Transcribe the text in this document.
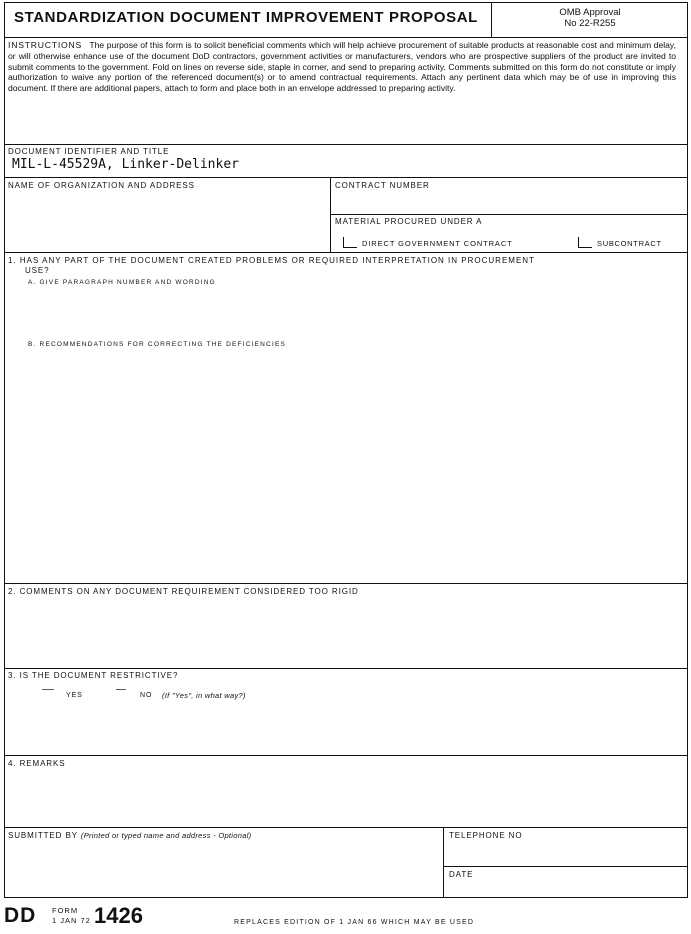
STANDARDIZATION DOCUMENT IMPROVEMENT PROPOSAL	OMB Approval
No 22-R255
INSTRUCTIONS The purpose of this form is to solicit beneficial comments which will help achieve procurement of suitable products at reasonable cost and minimum delay, or will otherwise enhance use of the document DoD contractors, government activities or manufacturers, vendors who are prospective suppliers of the product are invited to submit comments to the government. Fold on lines on reverse side, staple in corner, and send to preparing activity. Comments submitted on this form do not constitute or imply authorization to waive any portion of the referenced document(s) or to amend contractual requirements. Attach any pertinent data which may be of use in improving this document. If there are additional papers, attach to form and place both in an envelope addressed to preparing activity.
DOCUMENT IDENTIFIER AND TITLE
MIL-L-45529A, Linker-Delinker
NAME OF ORGANIZATION AND ADDRESS	CONTRACT NUMBER
MATERIAL PROCURED UNDER A
DIRECT GOVERNMENT CONTRACT	SUBCONTRACT
1. HAS ANY PART OF THE DOCUMENT CREATED PROBLEMS OR REQUIRED INTERPRETATION IN PROCUREMENT
USE?
A. GIVE PARAGRAPH NUMBER AND WORDING
B. RECOMMENDATIONS FOR CORRECTING THE DEFICIENCIES
2. COMMENTS ON ANY DOCUMENT REQUIREMENT CONSIDERED TOO RIGID
3. IS THE DOCUMENT RESTRICTIVE?
YES	NO (If "Yes", in what way?)
4. REMARKS
SUBMITTED BY (Printed or typed name and address - Optional)	TELEPHONE NO
DATE
DD FORM
1 JAN 72 1426	REPLACES EDITION OF 1 JAN 66 WHICH MAY BE USED
